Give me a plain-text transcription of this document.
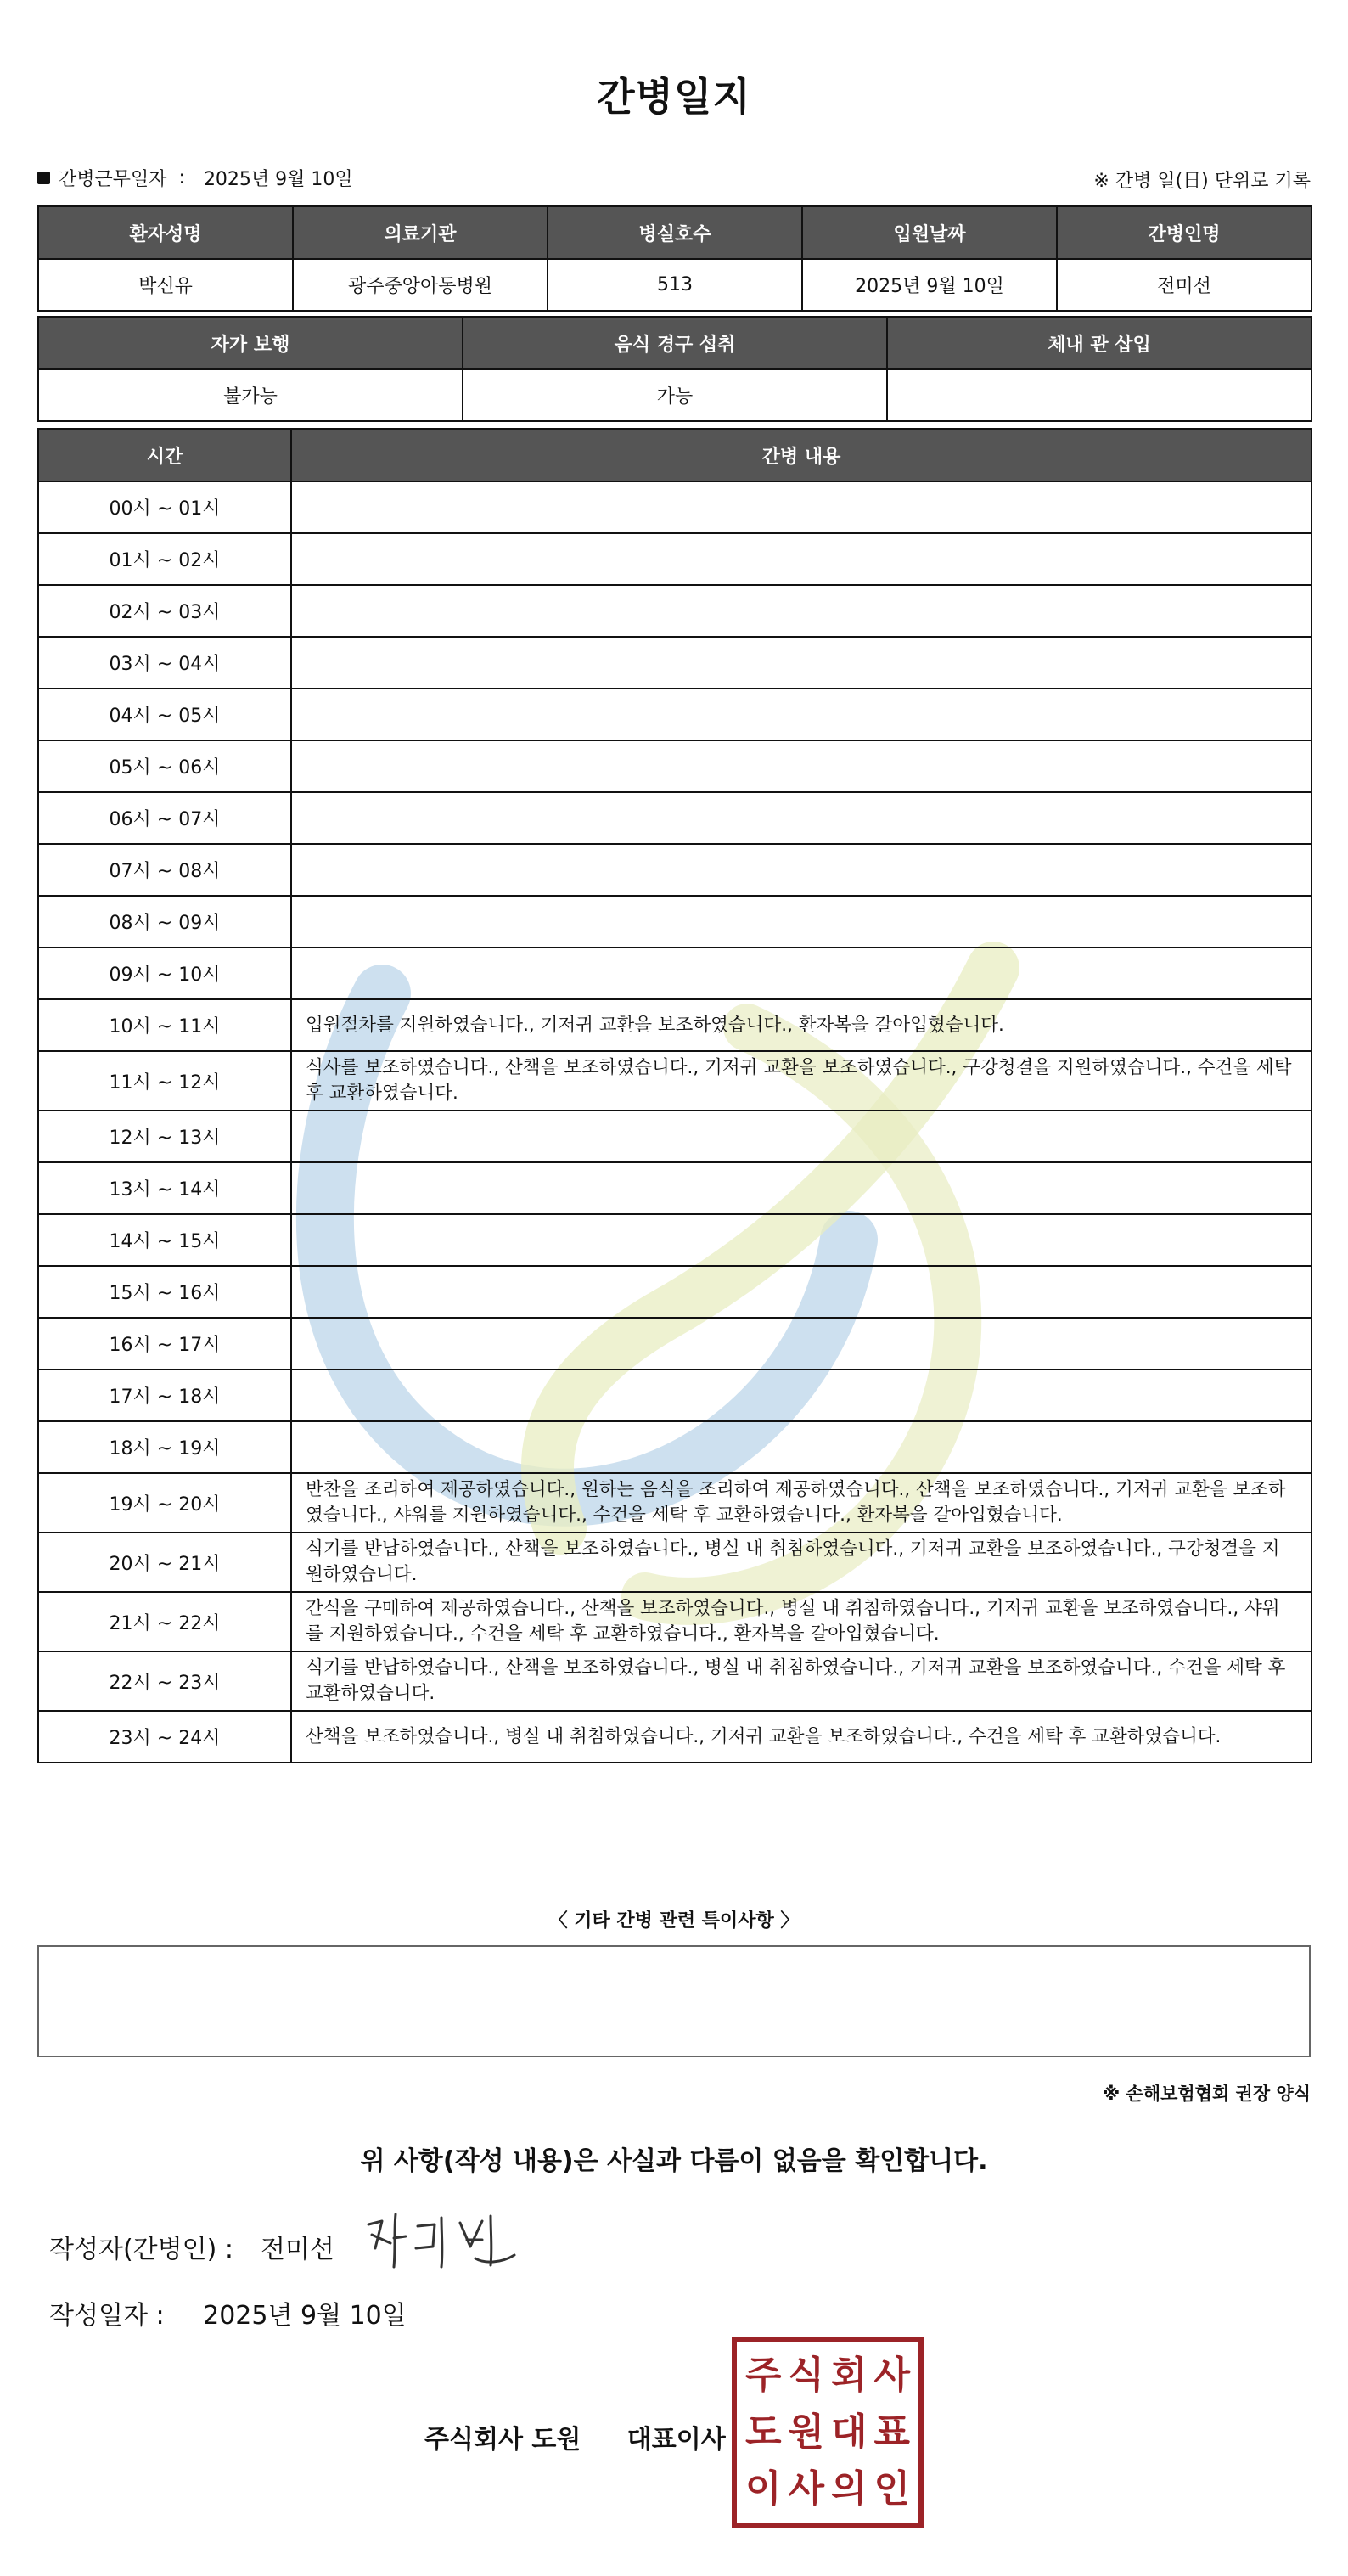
간병일지
간병근무일자 : 2025년 9월 10일	※ 간병 일(日) 단위로 기록
환자성명	의료기관	병실호수	입원날짜	간병인명
박신유	광주중앙아동병원	513	2025년 9월 10일	전미선
자가 보행	음식 경구 섭취	체내 관 삽입
불가능	가능	
시간	간병 내용
00시 ~ 01시	
01시 ~ 02시	
02시 ~ 03시	
03시 ~ 04시	
04시 ~ 05시	
05시 ~ 06시	
06시 ~ 07시	
07시 ~ 08시	
08시 ~ 09시	
09시 ~ 10시	
10시 ~ 11시	입원절차를 지원하였습니다., 기저귀 교환을 보조하였습니다., 환자복을 갈아입혔습니다.
11시 ~ 12시	식사를 보조하였습니다., 산책을 보조하였습니다., 기저귀 교환을 보조하였습니다., 구강청결을 지원하였습니다., 수건을 세탁 후 교환하였습니다.
12시 ~ 13시	
13시 ~ 14시	
14시 ~ 15시	
15시 ~ 16시	
16시 ~ 17시	
17시 ~ 18시	
18시 ~ 19시	
19시 ~ 20시	반찬을 조리하여 제공하였습니다., 원하는 음식을 조리하여 제공하였습니다., 산책을 보조하였습니다., 기저귀 교환을 보조하였습니다., 샤워를 지원하였습니다., 수건을 세탁 후 교환하였습니다., 환자복을 갈아입혔습니다.
20시 ~ 21시	식기를 반납하였습니다., 산책을 보조하였습니다., 병실 내 취침하였습니다., 기저귀 교환을 보조하였습니다., 구강청결을 지원하였습니다.
21시 ~ 22시	간식을 구매하여 제공하였습니다., 산책을 보조하였습니다., 병실 내 취침하였습니다., 기저귀 교환을 보조하였습니다., 샤워를 지원하였습니다., 수건을 세탁 후 교환하였습니다., 환자복을 갈아입혔습니다.
22시 ~ 23시	식기를 반납하였습니다., 산책을 보조하였습니다., 병실 내 취침하였습니다., 기저귀 교환을 보조하였습니다., 수건을 세탁 후 교환하였습니다.
23시 ~ 24시	산책을 보조하였습니다., 병실 내 취침하였습니다., 기저귀 교환을 보조하였습니다., 수건을 세탁 후 교환하였습니다.
〈 기타 간병 관련 특이사항 〉
※ 손해보험협회 권장 양식
위 사항(작성 내용)은 사실과 다름이 없음을 확인합니다.
작성자(간병인) : 전미선
작성일자 : 2025년 9월 10일
주식회사 도원 대표이사
주 식 회 사
도 원 대 표
이 사 의 인
